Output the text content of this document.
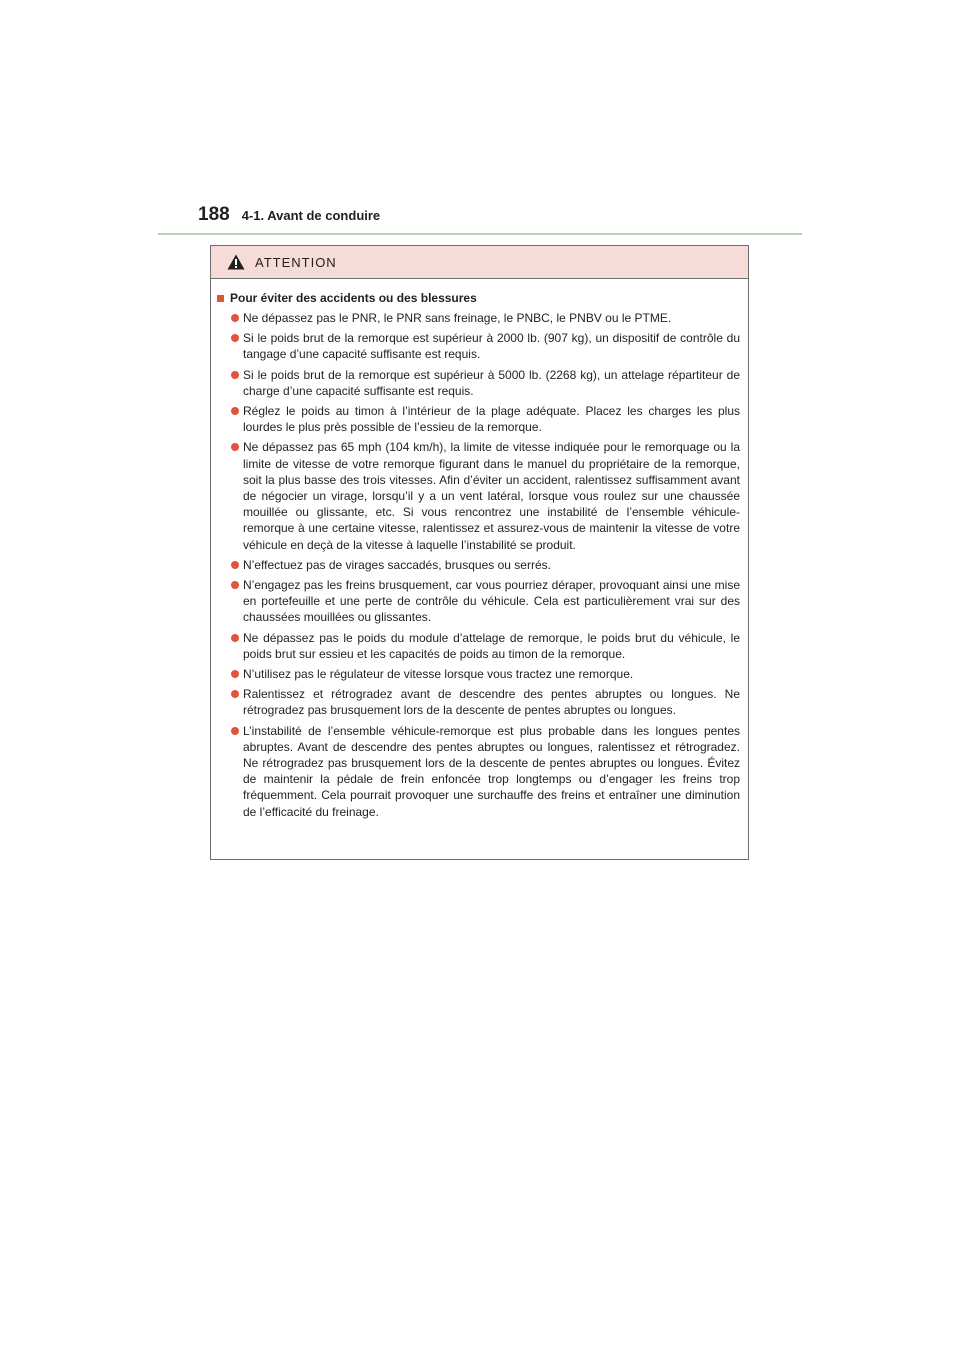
188 4-1. Avant de conduire
ATTENTION
Pour éviter des accidents ou des blessures
Ne dépassez pas le PNR, le PNR sans freinage, le PNBC, le PNBV ou le PTME.
Si le poids brut de la remorque est supérieur à 2000 lb. (907 kg), un dispositif de contrôle du tangage d’une capacité suffisante est requis.
Si le poids brut de la remorque est supérieur à 5000 lb. (2268 kg), un attelage répartiteur de charge d’une capacité suffisante est requis.
Réglez le poids au timon à l’intérieur de la plage adéquate. Placez les charges les plus lourdes le plus près possible de l’essieu de la remorque.
Ne dépassez pas 65 mph (104 km/h), la limite de vitesse indiquée pour le remorquage ou la limite de vitesse de votre remorque figurant dans le manuel du propriétaire de la remorque, soit la plus basse des trois vitesses. Afin d’éviter un accident, ralentissez suffisamment avant de négocier un virage, lorsqu’il y a un vent latéral, lorsque vous roulez sur une chaussée mouillée ou glissante, etc. Si vous rencontrez une instabilité de l’ensemble véhicule-remorque à une certaine vitesse, ralentissez et assurez-vous de maintenir la vitesse de votre véhicule en deçà de la vitesse à laquelle l’instabilité se produit.
N’effectuez pas de virages saccadés, brusques ou serrés.
N’engagez pas les freins brusquement, car vous pourriez déraper, provoquant ainsi une mise en portefeuille et une perte de contrôle du véhicule. Cela est particulièrement vrai sur des chaussées mouillées ou glissantes.
Ne dépassez pas le poids du module d’attelage de remorque, le poids brut du véhicule, le poids brut sur essieu et les capacités de poids au timon de la remorque.
N’utilisez pas le régulateur de vitesse lorsque vous tractez une remorque.
Ralentissez et rétrogradez avant de descendre des pentes abruptes ou longues. Ne rétrogradez pas brusquement lors de la descente de pentes abruptes ou longues.
L’instabilité de l’ensemble véhicule-remorque est plus probable dans les longues pentes abruptes. Avant de descendre des pentes abruptes ou longues, ralentissez et rétrogradez. Ne rétrogradez pas brusquement lors de la descente de pentes abruptes ou longues. Évitez de maintenir la pédale de frein enfoncée trop longtemps ou d’engager les freins trop fréquemment. Cela pourrait provoquer une surchauffe des freins et entraîner une diminution de l’efficacité du freinage.
